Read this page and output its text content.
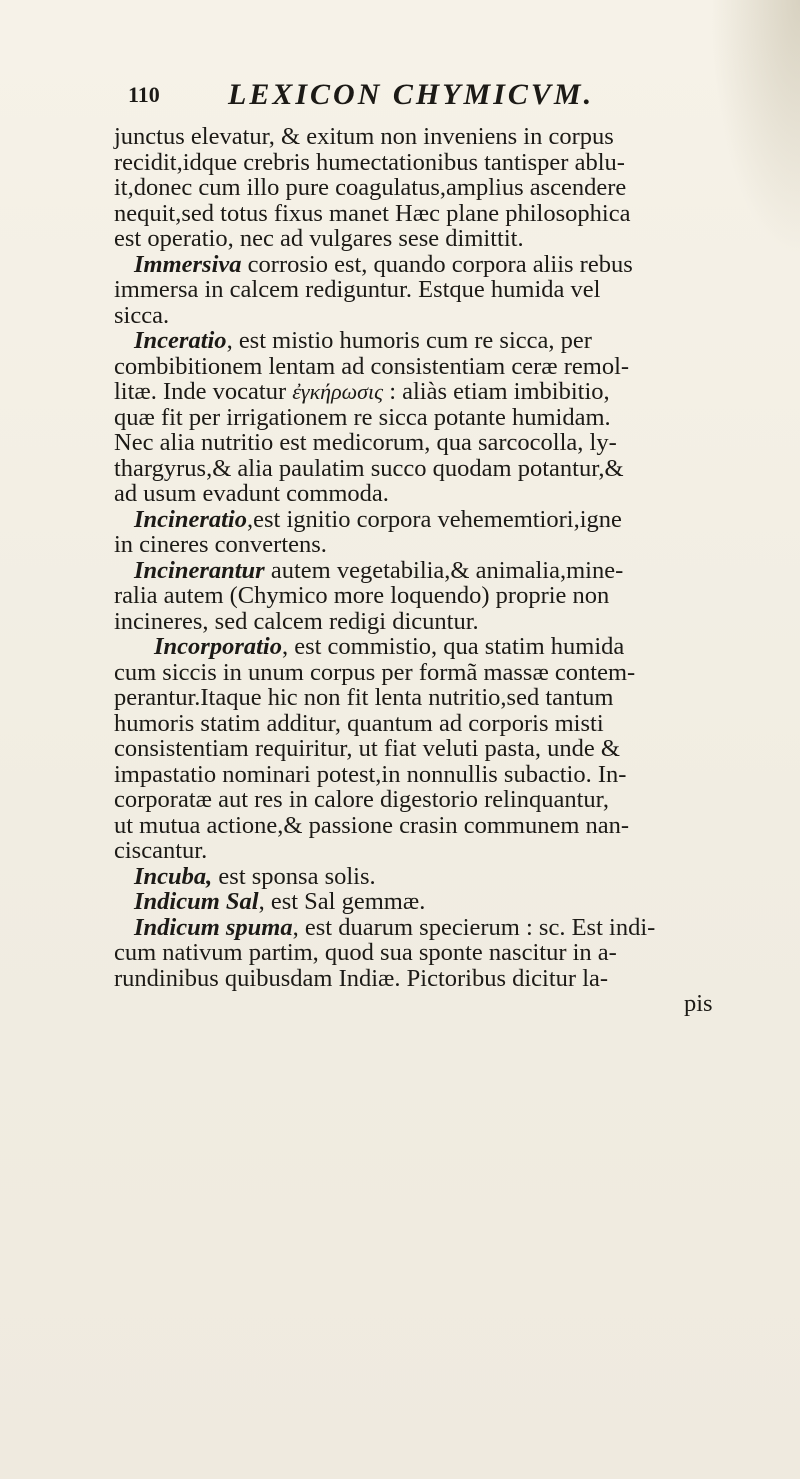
110 LEXICON CHYMICVM.
junctus elevatur, & exitum non inveniens in corpus
recidit,idque crebris humectationibus tantisper ablu-
it,donec cum illo pure coagulatus,amplius ascendere
nequit,sed totus fixus manet Hæc plane philosophica
est operatio, nec ad vulgares sese dimittit.
Immersiva corrosio est, quando corpora aliis rebus
immersa in calcem rediguntur. Estque humida vel
sicca.
Inceratio, est mistio humoris cum re sicca, per
combibitionem lentam ad consistentiam ceræ remol-
litæ. Inde vocatur ἐγκήρωσις : aliàs etiam imbibitio,
quæ fit per irrigationem re sicca potante humidam.
Nec alia nutritio est medicorum, qua sarcocolla, ly-
thargyrus,& alia paulatim succo quodam potantur,&
ad usum evadunt commoda.
Incineratio,est ignitio corpora vehememtiori,igne
in cineres convertens.
Incinerantur autem vegetabilia,& animalia,mine-
ralia autem (Chymico more loquendo) proprie non
incineres, sed calcem redigi dicuntur.
Incorporatio, est commistio, qua statim humida
cum siccis in unum corpus per formã massæ contem-
perantur.Itaque hic non fit lenta nutritio,sed tantum
humoris statim additur, quantum ad corporis misti
consistentiam requiritur, ut fiat veluti pasta, unde &
impastatio nominari potest,in nonnullis subactio. In-
corporatæ aut res in calore digestorio relinquantur,
ut mutua actione,& passione crasin communem nan-
ciscantur.
Incuba, est sponsa solis.
Indicum Sal, est Sal gemmæ.
Indicum spuma, est duarum specierum : sc. Est indi-
cum nativum partim, quod sua sponte nascitur in a-
rundinibus quibusdam Indiæ. Pictoribus dicitur la-
pis
